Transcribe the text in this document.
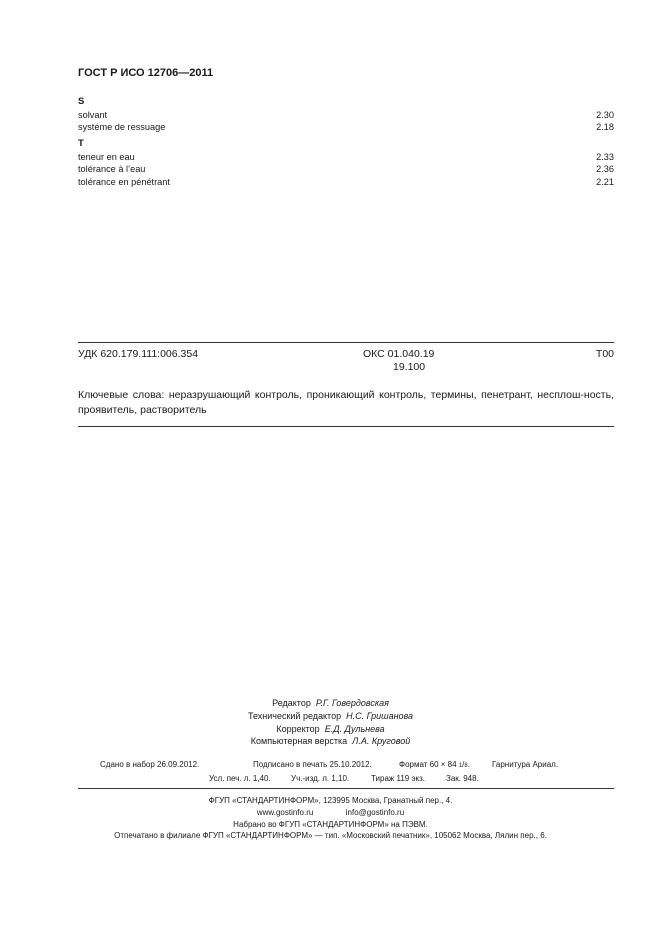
ГОСТ Р ИСО 12706—2011
S
solvant	2.30
systéme de ressuage	2.18
T
teneur en eau	2.33
tolérance à l’eau	2.36
tolérance en pénétrant	2.21
УДК 620.179.111:006.354	ОКС 01.040.19
19.100
Т00
Ключевые слова: неразрушающий контроль, проникающий контроль, термины, пенетрант, несплош-ность, проявитель, растворитель
Редактор Р.Г. Говердовская
Технический редактор Н.С. Гришанова
Корректор Е.Д. Дульнева
Компьютерная верстка Л.А. Круговой
Сдано в набор 26.09.2012.	Подписано в печать 25.10.2012.	Формат 60 × 84 1/8.	Гарнитура Ариал.
Усл. печ. л. 1,40.	Уч.-изд. л. 1,10.	Тираж 119 экз.	Зак. 948.
ФГУП «СТАНДАРТИНФОРМ», 123995 Москва, Гранатный пер., 4.
www.gostinfo.ru	info@gostinfo.ru
Набрано во ФГУП «СТАНДАРТИНФОРМ» на ПЭВМ.
Отпечатано в филиале ФГУП «СТАНДАРТИНФОРМ» — тип. «Московский печатник», 105062 Москва, Лялин пер., 6.
